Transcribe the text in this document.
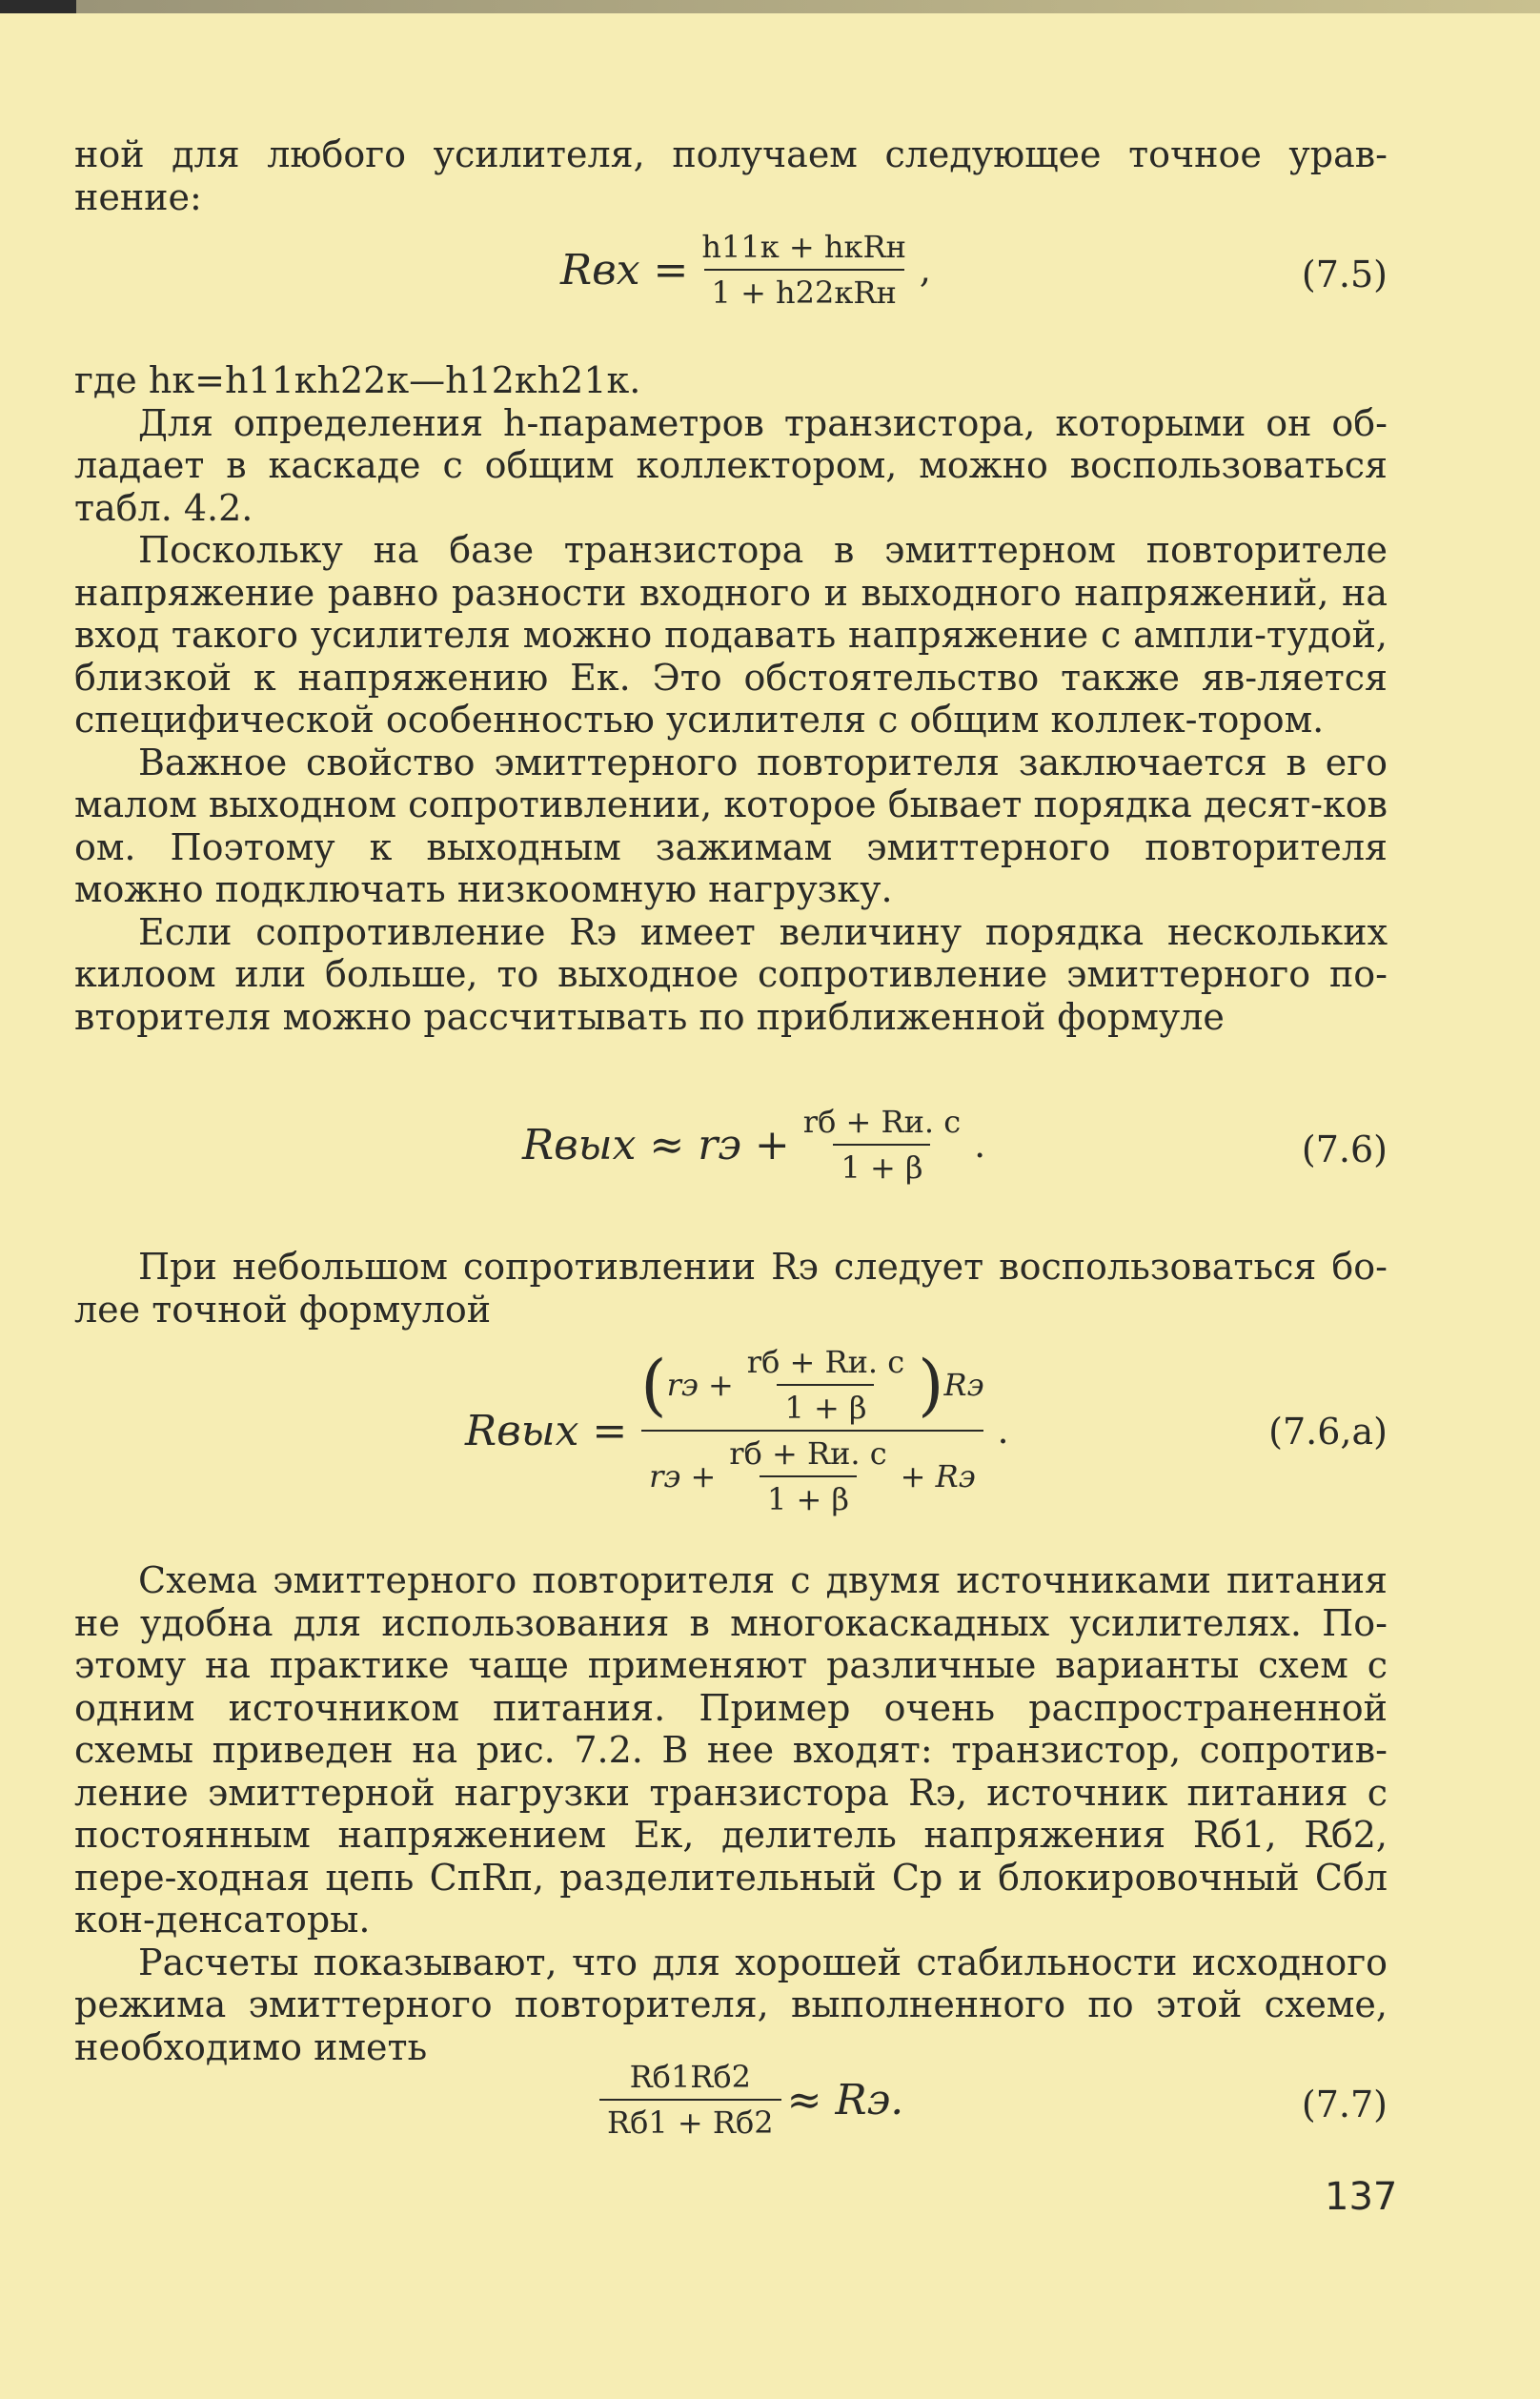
ной для любого усилителя, получаем следующее точное урав-нение:

Rвх = $\frac{\text{h11к + hкRн}}{\text{1 + h22кRн}}$ ,	(7.5)

где hк=h11кh22к—h12кh21к.

Для определения h-параметров транзистора, которыми он об-ладает в каскаде с общим коллектором, можно воспользоваться табл. 4.2.

Поскольку на базе транзистора в эмиттерном повторителе напряжение равно разности входного и выходного напряжений, на вход такого усилителя можно подавать напряжение с ампли-тудой, близкой к напряжению Eк. Это обстоятельство также яв-ляется специфической особенностью усилителя с общим коллек-тором.

Важное свойство эмиттерного повторителя заключается в его малом выходном сопротивлении, которое бывает порядка десят-ков ом. Поэтому к выходным зажимам эмиттерного повторителя можно подключать низкоомную нагрузку.

Если сопротивление Rэ имеет величину порядка нескольких килоом или больше, то выходное сопротивление эмиттерного по-вторителя можно рассчитывать по приближенной формуле

Rвых ≈ rэ + $\frac{rб + Rи. с}{1 + \beta}$ .	(7.6)

При небольшом сопротивлении Rэ следует воспользоваться бо-лее точной формулой

Rвых =
( rэ + $\frac{rб + Rи. с}{1 + \beta}$ ) Rэ
rэ + $\frac{rб + Rи. с}{1 + \beta}$ + Rэ
.	(7.6,а)

Схема эмиттерного повторителя с двумя источниками питания не удобна для использования в многокаскадных усилителях. По-этому на практике чаще применяют различные варианты схем с одним источником питания. Пример очень распространенной схемы приведен на рис. 7.2. В нее входят: транзистор, сопротив-ление эмиттерной нагрузки транзистора Rэ, источник питания с постоянным напряжением Eк, делитель напряжения Rб1, Rб2, пере-ходная цепь CпRп, разделительный Cр и блокировочный Cбл кон-денсаторы.

Расчеты показывают, что для хорошей стабильности исходного режима эмиттерного повторителя, выполненного по этой схеме, необходимо иметь

$\frac{Rб1Rб2}{Rб1 + Rб2}$ ≈ Rэ.	(7.7)
137
